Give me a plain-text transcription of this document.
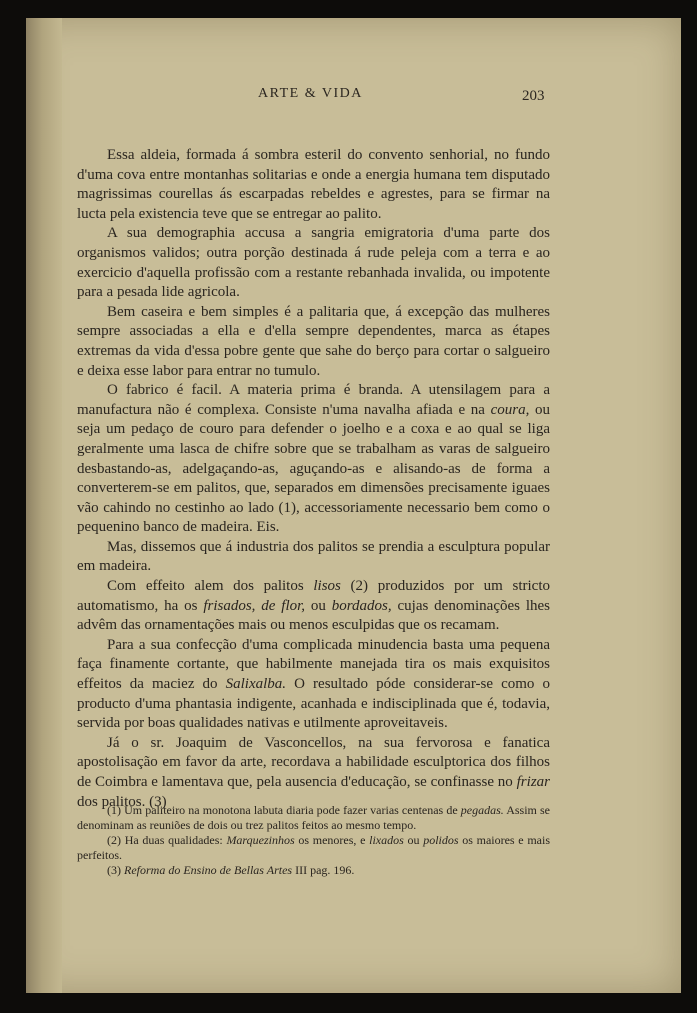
ARTE & VIDA	203

Essa aldeia, formada á sombra esteril do convento senhorial, no fundo d'uma cova entre montanhas solitarias e onde a energia humana tem disputado magrissimas courellas ás escarpadas rebeldes e agrestes, para se firmar na lucta pela existencia teve que se entregar ao palito.

A sua demographia accusa a sangria emigratoria d'uma parte dos organismos validos; outra porção destinada á rude peleja com a terra e ao exercicio d'aquella profissão com a restante rebanhada invalida, ou impotente para a pesada lide agricola.

Bem caseira e bem simples é a palitaria que, á excepção das mulheres sempre associadas a ella e d'ella sempre dependentes, marca as étapes extremas da vida d'essa pobre gente que sahe do berço para cortar o salgueiro e deixa esse labor para entrar no tumulo.

O fabrico é facil. A materia prima é branda. A utensilagem para a manufactura não é complexa. Consiste n'uma navalha afiada e na coura, ou seja um pedaço de couro para defender o joelho e a coxa e ao qual se liga geralmente uma lasca de chifre sobre que se trabalham as varas de salgueiro desbastando-as, adelgaçando-as, aguçando-as e alisando-as de forma a converterem-se em palitos, que, separados em dimensões precisamente iguaes vão cahindo no cestinho ao lado (1), accessoriamente necessario bem como o pequenino banco de madeira. Eis.

Mas, dissemos que á industria dos palitos se prendia a esculptura popular em madeira.

Com effeito alem dos palitos lisos (2) produzidos por um stricto automatismo, ha os frisados, de flor, ou bordados, cujas denominações lhes advêm das ornamentações mais ou menos esculpidas que os recamam.

Para a sua confecção d'uma complicada minudencia basta uma pequena faça finamente cortante, que habilmente manejada tira os mais exquisitos effeitos da maciez do Salixalba. O resultado póde considerar-se como o producto d'uma phantasia indigente, acanhada e indisciplinada que é, todavia, servida por boas qualidades nativas e utilmente aproveitaveis.

Já o sr. Joaquim de Vasconcellos, na sua fervorosa e fanatica apostolisação em favor da arte, recordava a habilidade esculptorica dos filhos de Coimbra e lamentava que, pela ausencia d'educação, se confinasse no frizar dos palitos. (3)

(1) Um paliteiro na monotona labuta diaria pode fazer varias centenas de pegadas. Assim se denominam as reuniões de dois ou trez palitos feitos ao mesmo tempo.

(2) Ha duas qualidades: Marquezinhos os menores, e lixados ou polidos os maiores e mais perfeitos.

(3) Reforma do Ensino de Bellas Artes III pag. 196.
